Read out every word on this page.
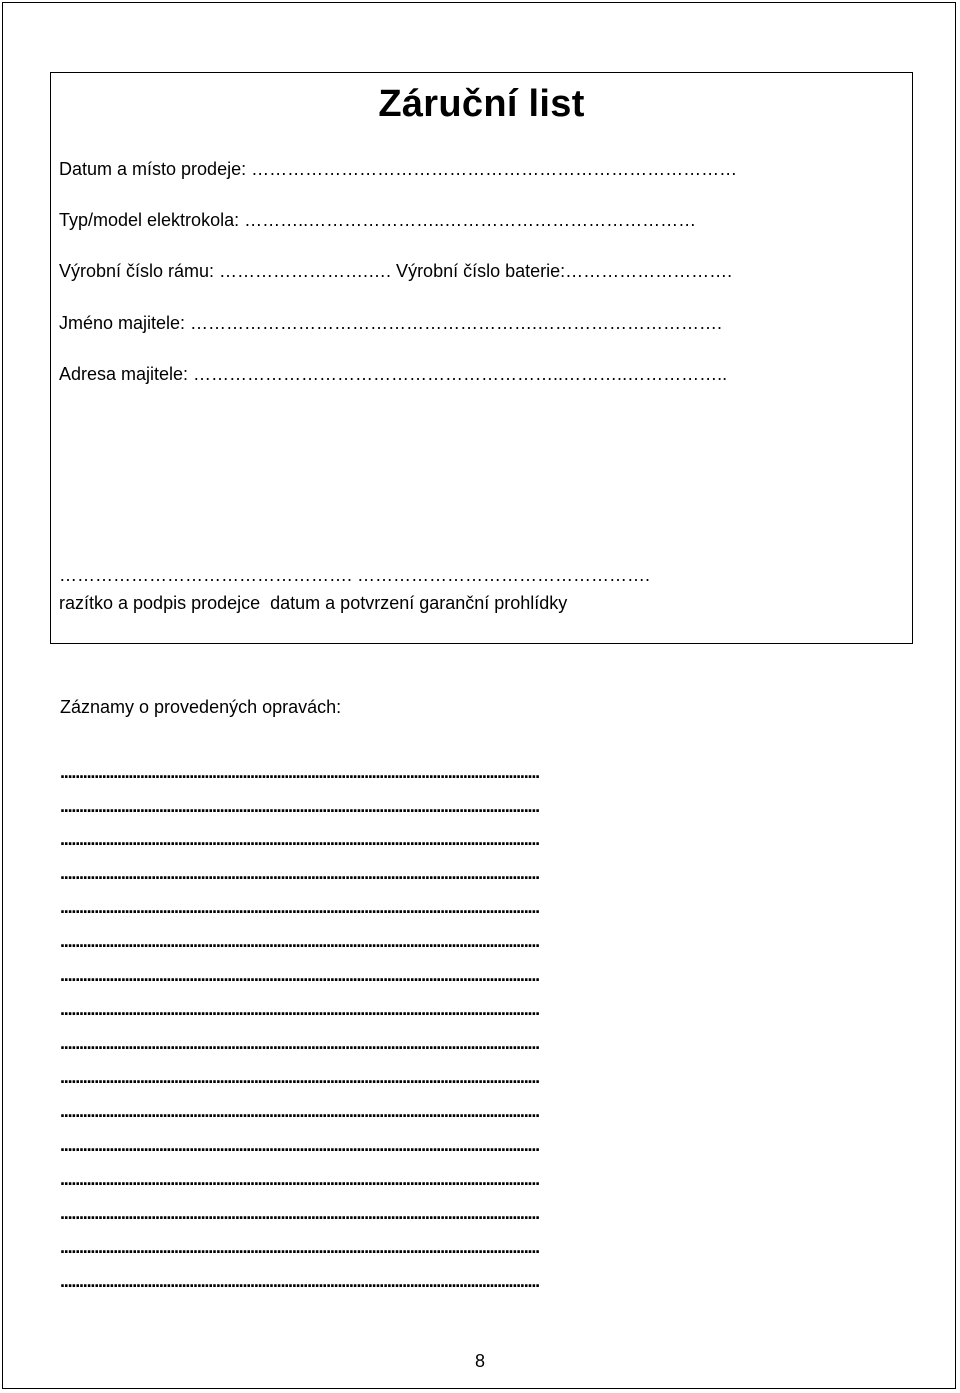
Záruční list
Datum a místo prodeje: ………………………………………………………………………
Typ/model elektrokola: ………..…………………..……………………………………
Výrobní číslo rámu: …………………….…. Výrobní číslo baterie:……………………….
Jméno majitele: ………………………………………………….………………………….
Adresa majitele: ……………………………………………………..………..……………..
…………………………………………. ………………………………………….
razítko a podpis prodejce datum a potvrzení garanční prohlídky
Záznamy o provedených opravách:
..............................................................................................................................
..............................................................................................................................
..............................................................................................................................
..............................................................................................................................
..............................................................................................................................
..............................................................................................................................
..............................................................................................................................
..............................................................................................................................
..............................................................................................................................
..............................................................................................................................
..............................................................................................................................
..............................................................................................................................
..............................................................................................................................
..............................................................................................................................
..............................................................................................................................
..............................................................................................................................
8
